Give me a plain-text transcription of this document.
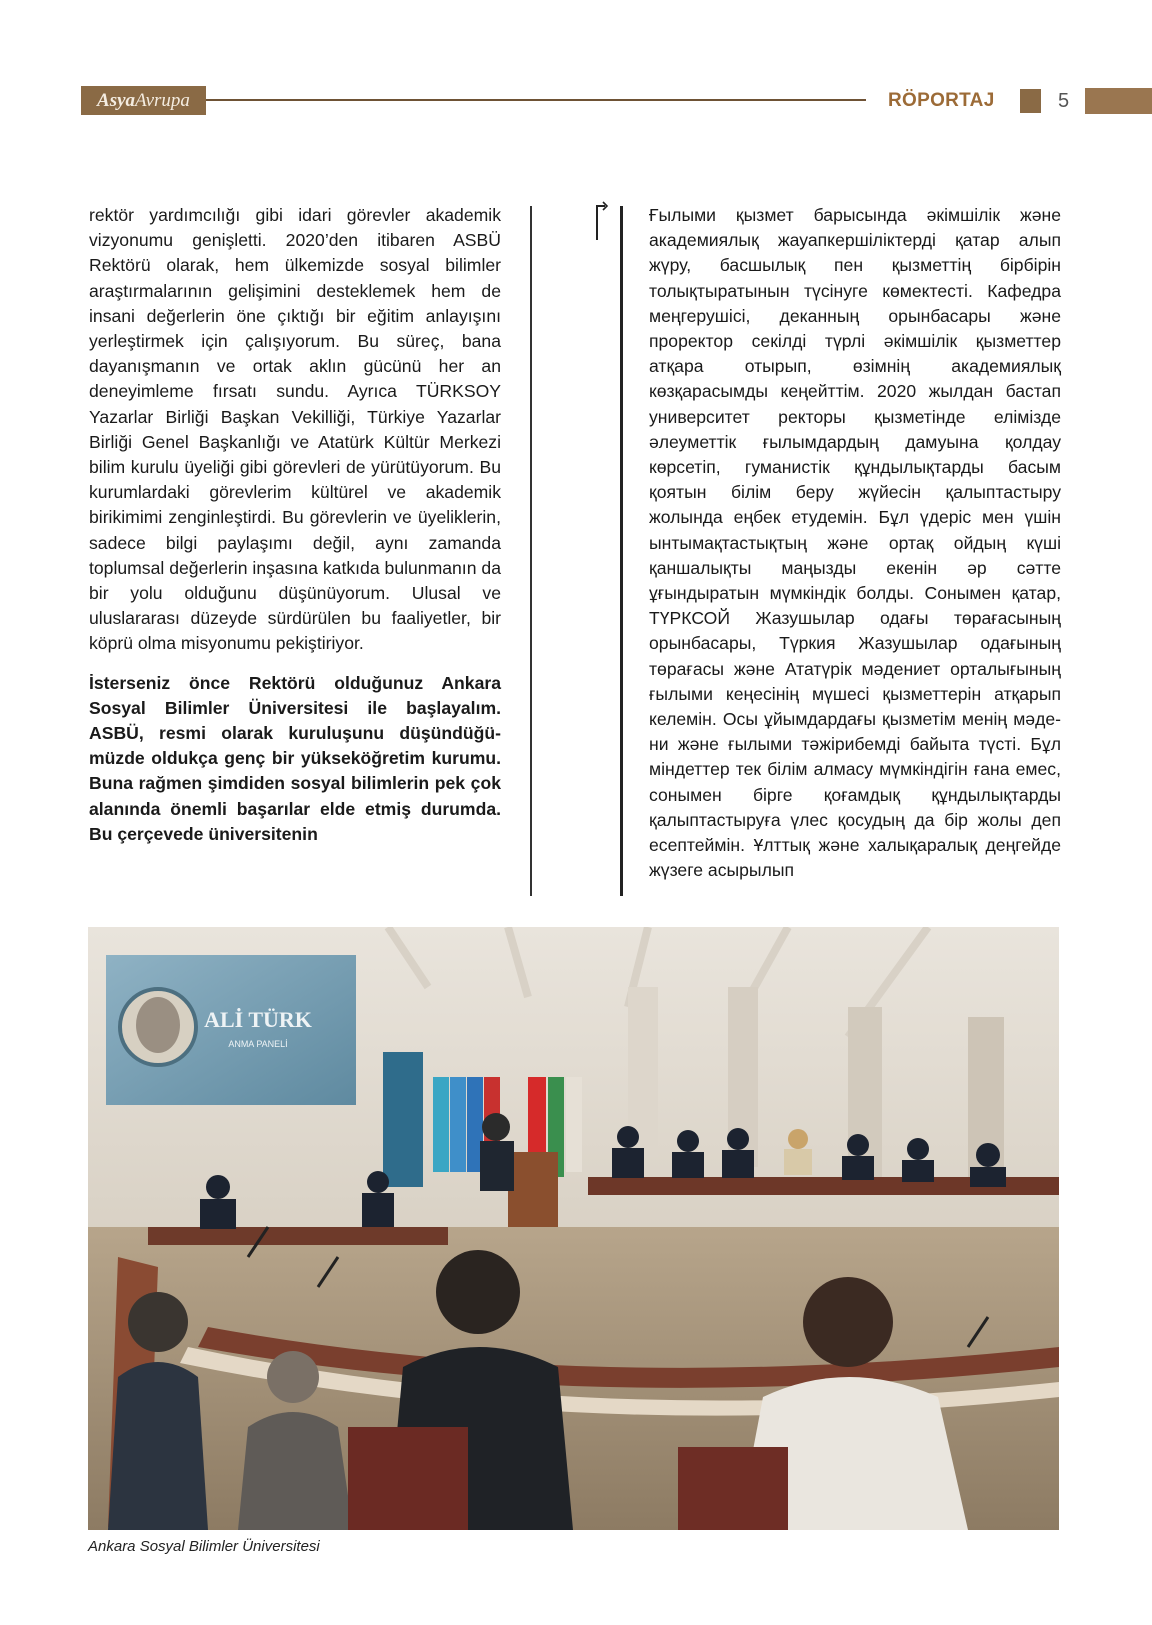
AsyaAvrupa	RÖPORTAJ	5

rektör yardımcılığı gibi idari görevler akademik vizyonumu genişletti. 2020’den itibaren ASBÜ Rektörü olarak, hem ülkemizde sosyal bilimler araştırmalarının gelişimini desteklemek hem de insani değerlerin öne çıktığı bir eğitim anlayışını yerleştirmek için çalışıyorum. Bu süreç, bana dayanışmanın ve ortak aklın gücünü her an deneyimleme fırsatı sundu. Ayrıca TÜRKSOY Yazarlar Birliği Başkan Vekilliği, Türkiye Yazarlar Birliği Genel Başkanlığı ve Atatürk Kültür Merkezi bilim kurulu üyeliği gibi görevleri de yürütüyorum. Bu kurumlardaki görevlerim kültürel ve akademik birikimimi zenginleştirdi. Bu görevlerin ve üyeliklerin, sadece bilgi paylaşımı değil, aynı zamanda toplumsal değerlerin inşasına katkıda bulunmanın da bir yolu olduğunu düşünüyorum. Ulusal ve uluslararası düzeyde sürdürülen bu faaliyetler, bir köprü olma misyonumu pekiştiriyor.

İsterseniz önce Rektörü olduğunuz Ankara Sosyal Bilimler Üniversitesi ile başlayalım. ASBÜ, resmi olarak kuruluşunu düşündüğümüzde oldukça genç bir yükseköğretim kurumu. Buna rağmen şimdiden sosyal bilimlerin pek çok alanında önemli başarılar elde etmiş durumda. Bu çerçevede üniversitenin

Ғылыми қызмет барысында әкімшілік және академиялық жауапкершіліктерді қатар алып жүру, басшылық пен қызметтің бірбірін толықтыратынын түсінуге көмектесті. Кафедра меңгерушісі, деканның орынбасары және проректор секілді түрлі әкімшілік қызметтер атқара отырып, өзімнің академиялық көзқарасымды кеңейттім. 2020 жылдан бастап университет ректоры қызметінде елімізде әлеуметтік ғылымдардың дамуына қолдау көрсетіп, гуманистік құндылықтарды басым қоятын білім беру жүйесін қалыптастыру жолында еңбек етудемін. Бұл үдеріс мен үшін ынтымақтастықтың және ортақ ойдың күші қаншалықты маңызды екенін әр сәтте ұғындыратын мүмкіндік болды. Сонымен қатар, ТҮРКСОЙ Жазушылар одағы төрағасының орынбасары, Түркия Жазушылар одағының төрағасы және Ататүрік мәдениет орталығының ғылыми кеңесінің мүшесі қызметтерін атқарып келемін. Осы ұйымдардағы қызметім менің мәдени және ғылыми тәжірибемді байыта түсті. Бұл міндеттер тек білім алмасу мүмкіндігін ғана емес, сонымен бірге қоғамдық құндылықтарды қалыптастыруға үлес қосудың да бір жолы деп есептеймін. Ұлттық және халықаралық деңгейде жүзеге асырылып

ALİ TÜRK
ANMA PANELİ
Ankara Sosyal Bilimler Üniversitesi
